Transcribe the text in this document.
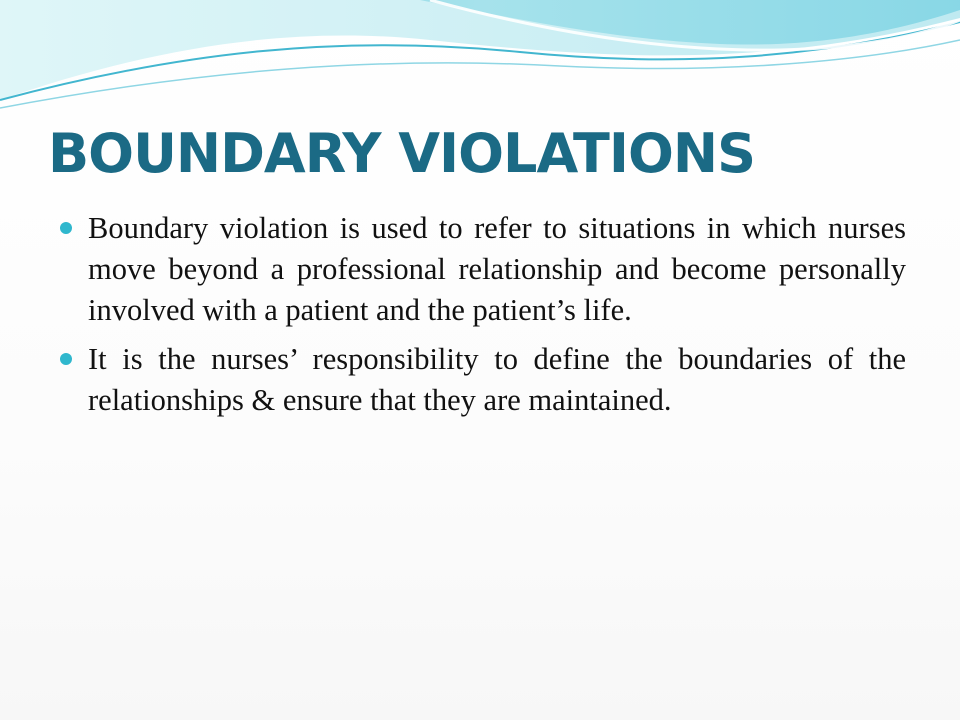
BOUNDARY VIOLATIONS
Boundary violation is used to refer to situations in which nurses move beyond a professional relationship and become personally involved with a patient and the patient’s life.
It is the nurses’ responsibility to define the boundaries of the relationships & ensure that they are maintained.
